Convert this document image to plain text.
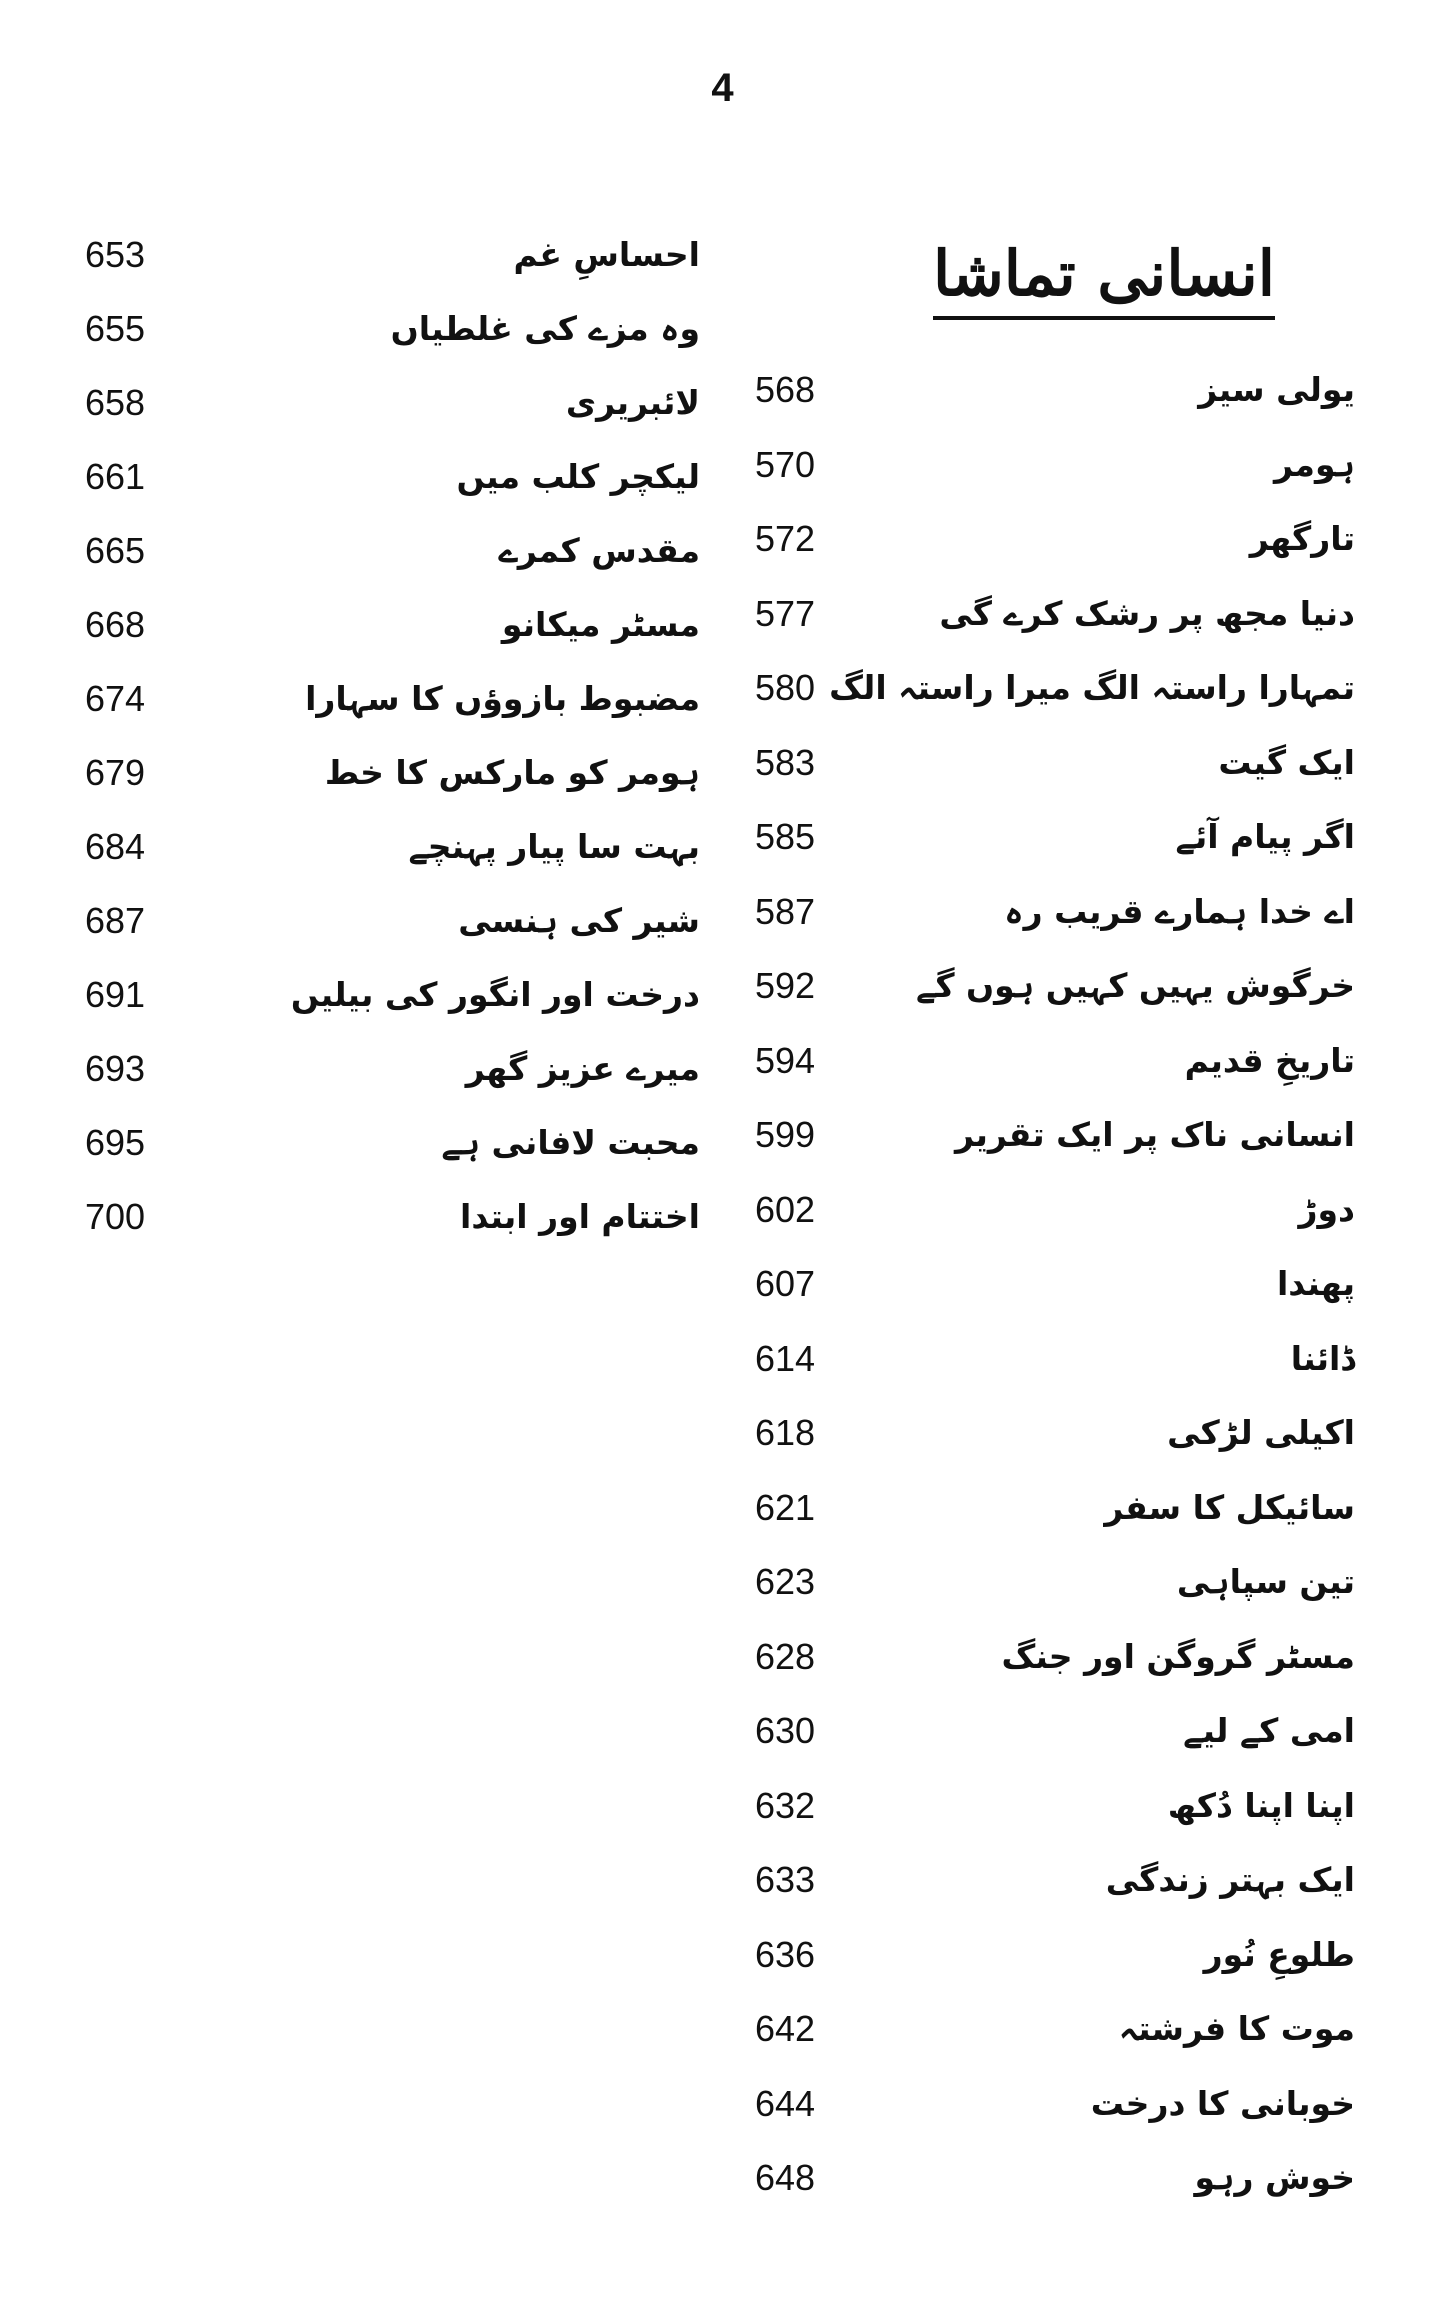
4
انسانی تماشا
یولی سیز
568
ہومر
570
تارگھر
572
دنیا مجھ پر رشک کرے گی
577
تمہارا راستہ الگ میرا راستہ الگ
580
ایک گیت
583
اگر پیام آئے
585
اے خدا ہمارے قریب رہ
587
خرگوش یہیں کہیں ہوں گے
592
تاریخِ قدیم
594
انسانی ناک پر ایک تقریر
599
دوڑ
602
پھندا
607
ڈائنا
614
اکیلی لڑکی
618
سائیکل کا سفر
621
تین سپاہی
623
مسٹر گروگن اور جنگ
628
امی کے لیے
630
اپنا اپنا دُکھ
632
ایک بہتر زندگی
633
طلوعِ نُور
636
موت کا فرشتہ
642
خوبانی کا درخت
644
خوش رہو
648
احساسِ غم
653
وہ مزے کی غلطیاں
655
لائبریری
658
لیکچر کلب میں
661
مقدس کمرے
665
مسٹر میکانو
668
مضبوط بازوؤں کا سہارا
674
ہومر کو مارکس کا خط
679
بہت سا پیار پہنچے
684
شیر کی ہنسی
687
درخت اور انگور کی بیلیں
691
میرے عزیز گھر
693
محبت لافانی ہے
695
اختتام اور ابتدا
700
